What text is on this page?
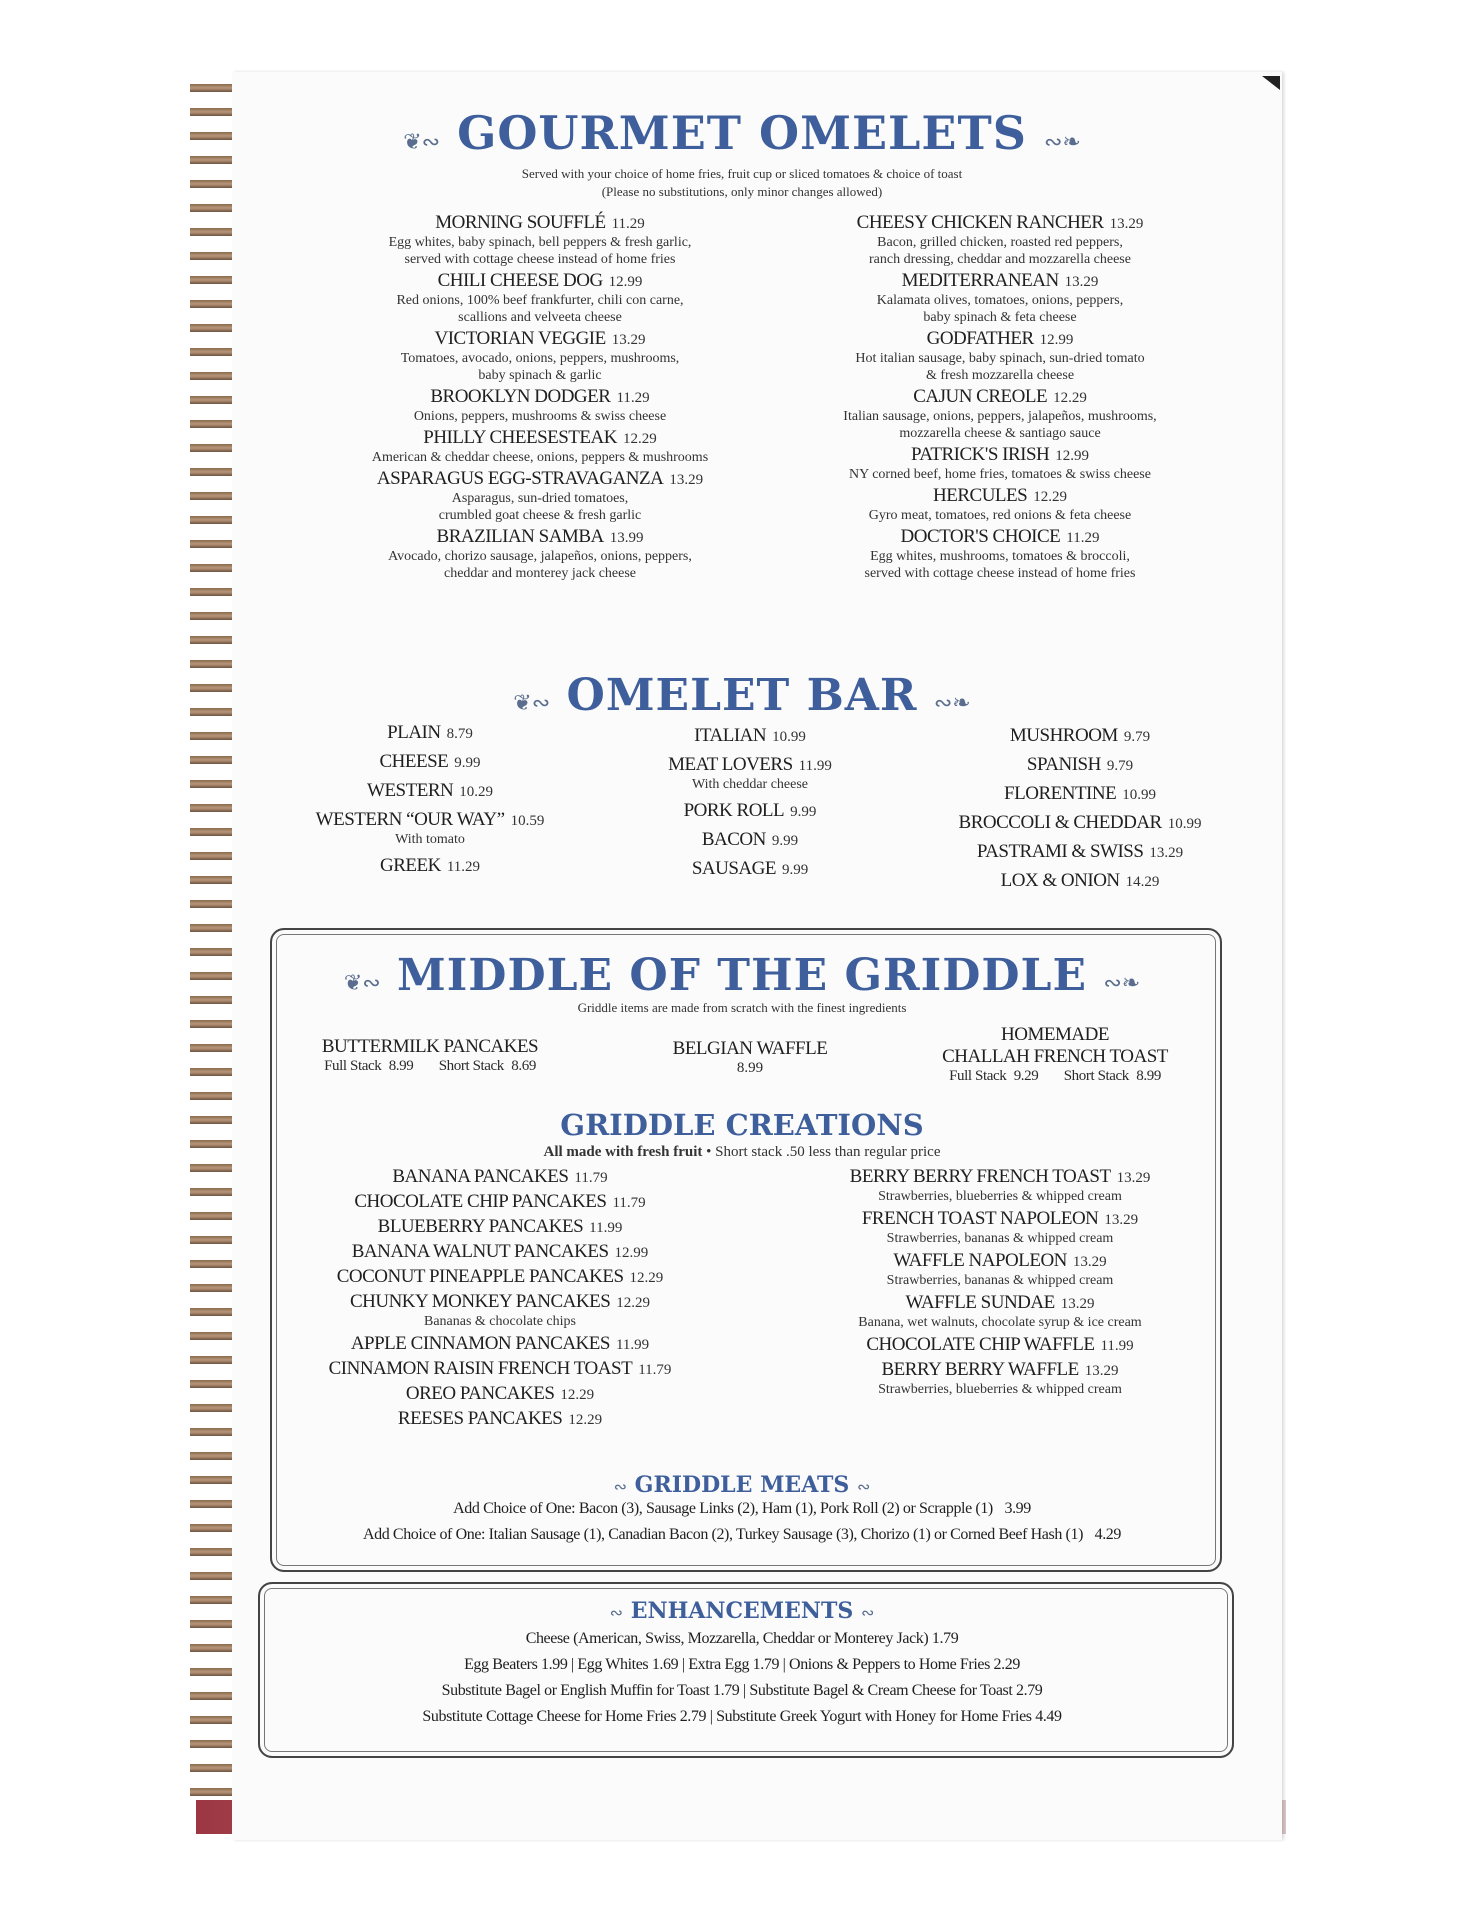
❦∾ GOURMET OMELETS ∾❧
Served with your choice of home fries, fruit cup or sliced tomatoes & choice of toast
(Please no substitutions, only minor changes allowed)
MORNING SOUFFLÉ 11.29
Egg whites, baby spinach, bell peppers & fresh garlic,
served with cottage cheese instead of home fries
CHILI CHEESE DOG 12.99
Red onions, 100% beef frankfurter, chili con carne,
scallions and velveeta cheese
VICTORIAN VEGGIE 13.29
Tomatoes, avocado, onions, peppers, mushrooms,
baby spinach & garlic
BROOKLYN DODGER 11.29
Onions, peppers, mushrooms & swiss cheese
PHILLY CHEESESTEAK 12.29
American & cheddar cheese, onions, peppers & mushrooms
ASPARAGUS EGG-STRAVAGANZA 13.29
Asparagus, sun-dried tomatoes,
crumbled goat cheese & fresh garlic
BRAZILIAN SAMBA 13.99
Avocado, chorizo sausage, jalapeños, onions, peppers,
cheddar and monterey jack cheese
CHEESY CHICKEN RANCHER 13.29
Bacon, grilled chicken, roasted red peppers,
ranch dressing, cheddar and mozzarella cheese
MEDITERRANEAN 13.29
Kalamata olives, tomatoes, onions, peppers,
baby spinach & feta cheese
GODFATHER 12.99
Hot italian sausage, baby spinach, sun-dried tomato
& fresh mozzarella cheese
CAJUN CREOLE 12.29
Italian sausage, onions, peppers, jalapeños, mushrooms,
mozzarella cheese & santiago sauce
PATRICK'S IRISH 12.99
NY corned beef, home fries, tomatoes & swiss cheese
HERCULES 12.29
Gyro meat, tomatoes, red onions & feta cheese
DOCTOR'S CHOICE 11.29
Egg whites, mushrooms, tomatoes & broccoli,
served with cottage cheese instead of home fries
❦∾ OMELET BAR ∾❧
PLAIN 8.79
CHEESE 9.99
WESTERN 10.29
WESTERN “OUR WAY” 10.59
With tomato
GREEK 11.29
ITALIAN 10.99
MEAT LOVERS 11.99
With cheddar cheese
PORK ROLL 9.99
BACON 9.99
SAUSAGE 9.99
MUSHROOM 9.79
SPANISH 9.79
FLORENTINE 10.99
BROCCOLI & CHEDDAR 10.99
PASTRAMI & SWISS 13.29
LOX & ONION 14.29
❦∾ MIDDLE OF THE GRIDDLE ∾❧
Griddle items are made from scratch with the finest ingredients
BUTTERMILK PANCAKES
Full Stack 8.99 Short Stack 8.69
BELGIAN WAFFLE
8.99
HOMEMADE
CHALLAH FRENCH TOAST
Full Stack 9.29 Short Stack 8.99
GRIDDLE CREATIONS
All made with fresh fruit • Short stack .50 less than regular price
BANANA PANCAKES 11.79
CHOCOLATE CHIP PANCAKES 11.79
BLUEBERRY PANCAKES 11.99
BANANA WALNUT PANCAKES 12.99
COCONUT PINEAPPLE PANCAKES 12.29
CHUNKY MONKEY PANCAKES 12.29
Bananas & chocolate chips
APPLE CINNAMON PANCAKES 11.99
CINNAMON RAISIN FRENCH TOAST 11.79
OREO PANCAKES 12.29
REESES PANCAKES 12.29
BERRY BERRY FRENCH TOAST 13.29
Strawberries, blueberries & whipped cream
FRENCH TOAST NAPOLEON 13.29
Strawberries, bananas & whipped cream
WAFFLE NAPOLEON 13.29
Strawberries, bananas & whipped cream
WAFFLE SUNDAE 13.29
Banana, wet walnuts, chocolate syrup & ice cream
CHOCOLATE CHIP WAFFLE 11.99
BERRY BERRY WAFFLE 13.29
Strawberries, blueberries & whipped cream
∾ GRIDDLE MEATS ∾
Add Choice of One: Bacon (3), Sausage Links (2), Ham (1), Pork Roll (2) or Scrapple (1) 3.99
Add Choice of One: Italian Sausage (1), Canadian Bacon (2), Turkey Sausage (3), Chorizo (1) or Corned Beef Hash (1) 4.29
∾ ENHANCEMENTS ∾
Cheese (American, Swiss, Mozzarella, Cheddar or Monterey Jack) 1.79
Egg Beaters 1.99 | Egg Whites 1.69 | Extra Egg 1.79 | Onions & Peppers to Home Fries 2.29
Substitute Bagel or English Muffin for Toast 1.79 | Substitute Bagel & Cream Cheese for Toast 2.79
Substitute Cottage Cheese for Home Fries 2.79 | Substitute Greek Yogurt with Honey for Home Fries 4.49
